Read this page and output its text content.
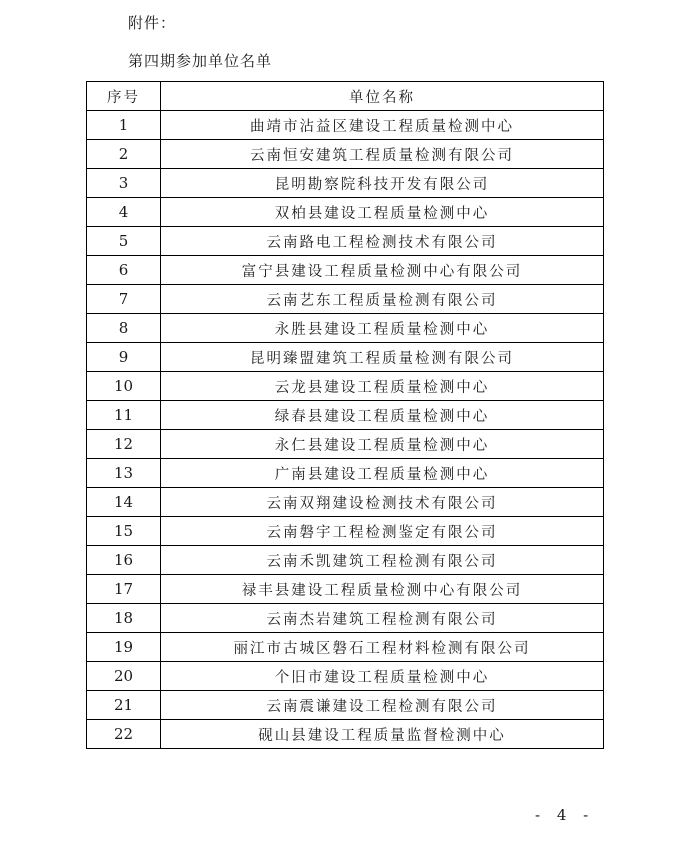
附件：
第四期参加单位名单
序号	单位名称
1	曲靖市沾益区建设工程质量检测中心
2	云南恒安建筑工程质量检测有限公司
3	昆明勘察院科技开发有限公司
4	双柏县建设工程质量检测中心
5	云南路电工程检测技术有限公司
6	富宁县建设工程质量检测中心有限公司
7	云南艺东工程质量检测有限公司
8	永胜县建设工程质量检测中心
9	昆明臻盟建筑工程质量检测有限公司
10	云龙县建设工程质量检测中心
11	绿春县建设工程质量检测中心
12	永仁县建设工程质量检测中心
13	广南县建设工程质量检测中心
14	云南双翔建设检测技术有限公司
15	云南磐宇工程检测鉴定有限公司
16	云南禾凯建筑工程检测有限公司
17	禄丰县建设工程质量检测中心有限公司
18	云南杰岩建筑工程检测有限公司
19	丽江市古城区磐石工程材料检测有限公司
20	个旧市建设工程质量检测中心
21	云南震谦建设工程检测有限公司
22	砚山县建设工程质量监督检测中心
- 4 -
